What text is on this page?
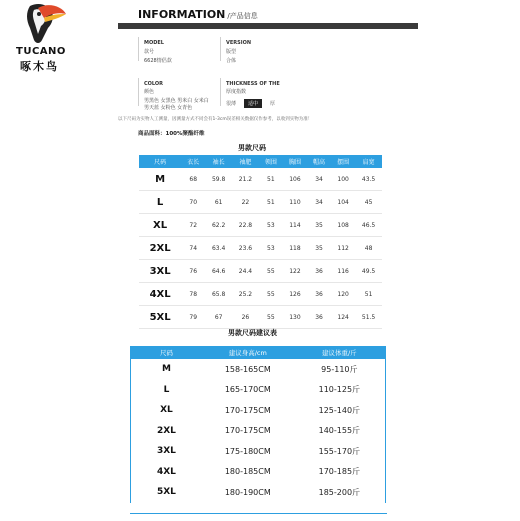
TUCANO
啄木鸟
INFORMATION /产品信息
MODEL
款号
6628情侣款
VERSION
版型
合体
COLOR
颜色
男黑色 女黑色 男米白 女米白
男天蓝 女粉色 女青色
THICKNESS OF THE
厚度指数
很薄	适中	厚
以下尺码为实物人工测量，因测量方式不同会有1-3cm误差相关数据仅作参考，以收到实物为准！
商品面料：100%聚酯纤维
男款尺码
尺码	衣长	袖长	袖肥	领围	胸围	帽高	摆围	肩宽
M	68	59.8	21.2	51	106	34	100	43.5
L	70	61	22	51	110	34	104	45
XL	72	62.2	22.8	53	114	35	108	46.5
2XL	74	63.4	23.6	53	118	35	112	48
3XL	76	64.6	24.4	55	122	36	116	49.5
4XL	78	65.8	25.2	55	126	36	120	51
5XL	79	67	26	55	130	36	124	51.5
男款尺码建议表
尺码	建议身高/cm	建议体重/斤
M	158-165CM	95-110斤
L	165-170CM	110-125斤
XL	170-175CM	125-140斤
2XL	170-175CM	140-155斤
3XL	175-180CM	155-170斤
4XL	180-185CM	170-185斤
5XL	180-190CM	185-200斤
